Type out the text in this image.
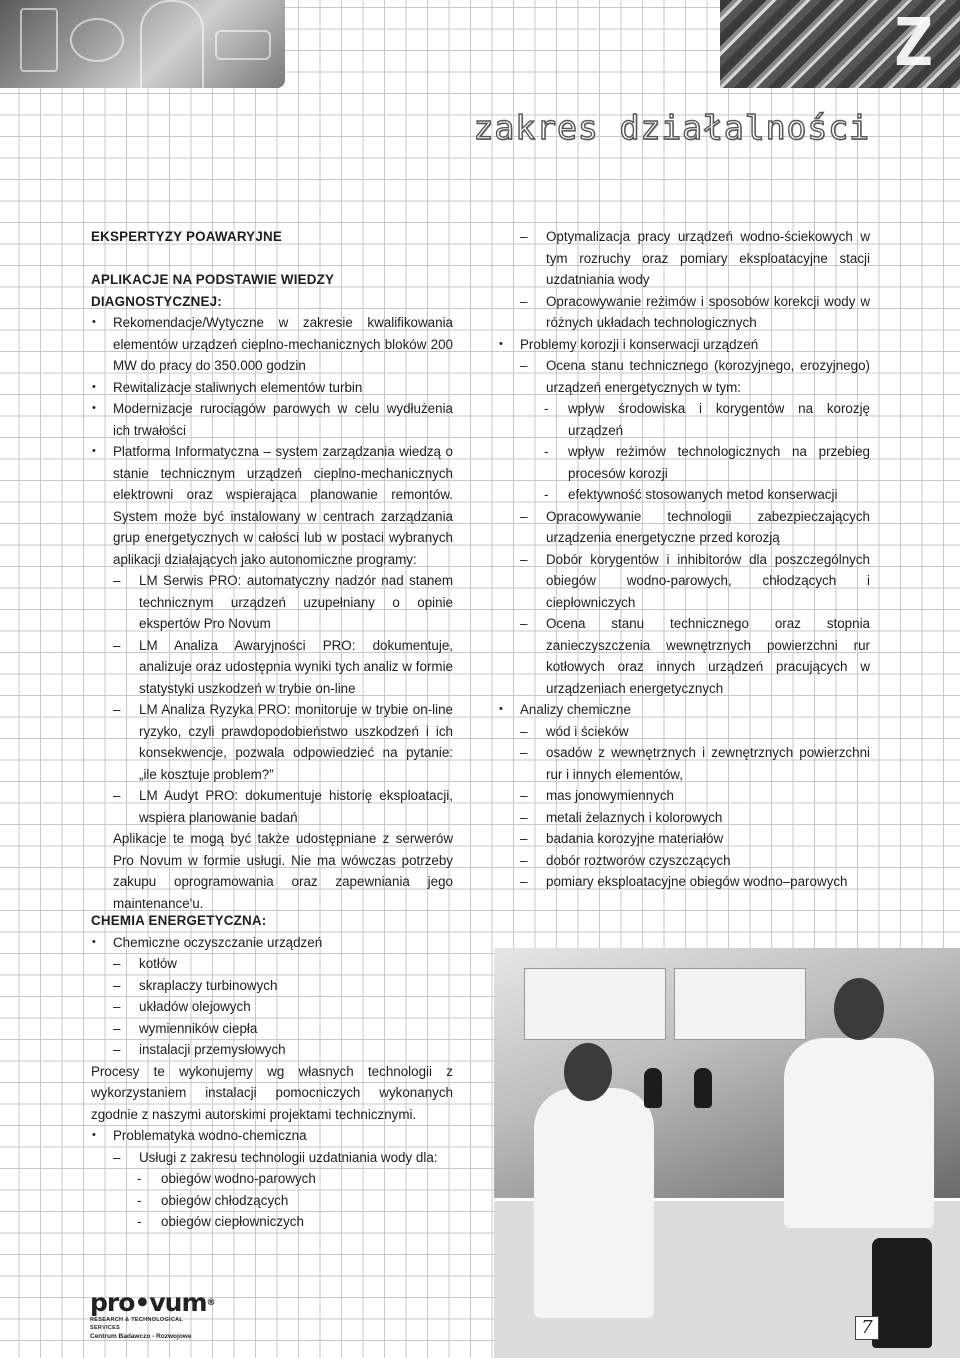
Z
zakres działalności
EKSPERTYZY POAWARYJNE
APLIKACJE NA PODSTAWIE WIEDZY DIAGNOSTYCZNEJ:
• Rekomendacje/Wytyczne w zakresie kwalifikowania elementów urządzeń cieplno-mechanicznych bloków 200 MW do pracy do 350.000 godzin
• Rewitalizacje staliwnych elementów turbin
• Modernizacje rurociągów parowych w celu wydłużenia ich trwałości
• Platforma Informatyczna – system zarządzania wiedzą o stanie technicznym urządzeń cieplno-mechanicznych elektrowni oraz wspierająca planowanie remontów. System może być instalowany w centrach zarządzania grup energetycznych w całości lub w postaci wybranych aplikacji działających jako autonomiczne programy:
– LM Serwis PRO: automatyczny nadzór nad stanem technicznym urządzeń uzupełniany o opinie ekspertów Pro Novum
– LM Analiza Awaryjności PRO: dokumentuje, analizuje oraz udostępnia wyniki tych analiz w formie statystyki uszkodzeń w trybie on-line
– LM Analiza Ryzyka PRO: monitoruje w trybie on-line ryzyko, czyli prawdopodobieństwo uszkodzeń i ich konsekwencje, pozwala odpowiedzieć na pytanie: „ile kosztuje problem?”
– LM Audyt PRO: dokumentuje historię eksploatacji, wspiera planowanie badań
Aplikacje te mogą być także udostępniane z serwerów Pro Novum w formie usługi. Nie ma wówczas potrzeby zakupu oprogramowania oraz zapewniania jego maintenance'u.
– Optymalizacja pracy urządzeń wodno-ściekowych w tym rozruchy oraz pomiary eksploatacyjne stacji uzdatniania wody
– Opracowywanie reżimów i sposobów korekcji wody w różnych układach technologicznych
• Problemy korozji i konserwacji urządzeń
– Ocena stanu technicznego (korozyjnego, erozyjnego) urządzeń energetycznych w tym:
- wpływ środowiska i korygentów na korozję urządzeń
- wpływ reżimów technologicznych na przebieg procesów korozji
- efektywność stosowanych metod konserwacji
– Opracowywanie technologii zabezpieczających urządzenia energetyczne przed korozją
– Dobór korygentów i inhibitorów dla poszczególnych obiegów wodno-parowych, chłodzących i ciepłowniczych
– Ocena stanu technicznego oraz stopnia zanieczyszczenia wewnętrznych powierzchni rur kotłowych oraz innych urządzeń pracujących w urządzeniach energetycznych
• Analizy chemiczne
– wód i ścieków
– osadów z wewnętrznych i zewnętrznych powierzchni rur i innych elementów,
– mas jonowymiennych
– metali żelaznych i kolorowych
– badania korozyjne materiałów
– dobór roztworów czyszczących
– pomiary eksploatacyjne obiegów wodno–parowych
CHEMIA ENERGETYCZNA:
• Chemiczne oczyszczanie urządzeń
– kotłów
– skraplaczy turbinowych
– układów olejowych
– wymienników ciepła
– instalacji przemysłowych
Procesy te wykonujemy wg własnych technologii z wykorzystaniem instalacji pomocniczych wykonanych zgodnie z naszymi autorskimi projektami technicznymi.
• Problematyka wodno-chemiczna
– Usługi z zakresu technologii uzdatniania wody dla:
- obiegów wodno-parowych
- obiegów chłodzących
- obiegów ciepłowniczych
pro•vum®
RESEARCH & TECHNOLOGICAL SERVICES
Centrum Badawczo - Rozwojowe	7
